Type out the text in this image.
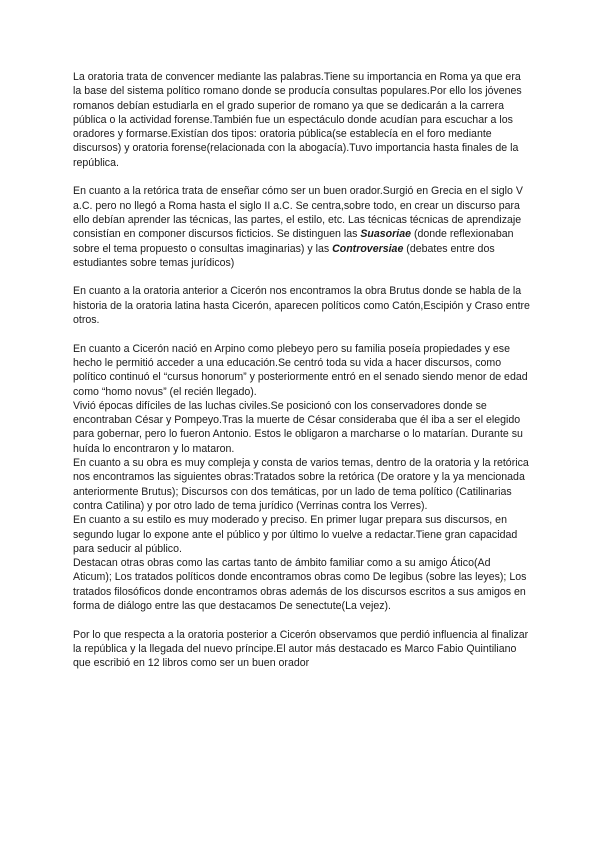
La oratoria trata de convencer mediante las palabras.Tiene su importancia en Roma ya que era la base del sistema político romano donde se producía consultas populares.Por ello los jóvenes romanos debían estudiarla en el grado superior de romano ya que se dedicarán a la carrera pública o la actividad forense.También fue un espectáculo donde acudían para escuchar a los oradores y formarse.Existían dos tipos: oratoria pública(se establecía en el foro mediante discursos) y oratoria forense(relacionada con la abogacía).Tuvo importancia hasta finales de la república.

En cuanto a la retórica trata de enseñar cómo ser un buen orador.Surgió en Grecia en el siglo V a.C. pero no llegó a Roma hasta el siglo II a.C. Se centra,sobre todo, en crear un discurso para ello debían aprender las técnicas, las partes, el estilo, etc. Las técnicas técnicas de aprendizaje consistían en componer discursos ficticios. Se distinguen las Suasoriae (donde reflexionaban sobre el tema propuesto o consultas imaginarias) y las Controversiae (debates entre dos estudiantes sobre temas jurídicos)

En cuanto a la oratoria anterior a Cicerón nos encontramos la obra Brutus donde se habla de la historia de la oratoria latina hasta Cicerón, aparecen políticos como Catón,Escipión y Craso entre otros.

En cuanto a Cicerón nació en Arpino como plebeyo pero su familia poseía propiedades y ese hecho le permitió acceder a una educación.Se centró toda su vida a hacer discursos, como político continuó el “cursus honorum” y posteriormente entró en el senado siendo menor de edad como “homo novus” (el recién llegado).

Vivió épocas difíciles de las luchas civiles.Se posicionó con los conservadores donde se encontraban César y Pompeyo.Tras la muerte de César consideraba que él iba a ser el elegido para gobernar, pero lo fueron Antonio. Estos le obligaron a marcharse o lo matarían. Durante su huída lo encontraron y lo mataron.

En cuanto a su obra es muy compleja y consta de varios temas, dentro de la oratoria y la retórica nos encontramos las siguientes obras:Tratados sobre la retórica (De oratore y la ya mencionada anteriormente Brutus); Discursos con dos temáticas, por un lado de tema político (Catilinarias contra Catilina) y por otro lado de tema jurídico (Verrinas contra los Verres).

En cuanto a su estilo es muy moderado y preciso. En primer lugar prepara sus discursos, en segundo lugar lo expone ante el público y por último lo vuelve a redactar.Tiene gran capacidad para seducir al público.

Destacan otras obras como las cartas tanto de ámbito familiar como a su amigo Ático(Ad Aticum); Los tratados políticos donde encontramos obras como De legibus (sobre las leyes); Los tratados filosóficos donde encontramos obras además de los discursos escritos a sus amigos en forma de diálogo entre las que destacamos De senectute(La vejez).

Por lo que respecta a la oratoria posterior a Cicerón observamos que perdió influencia al finalizar la república y la llegada del nuevo príncipe.El autor más destacado es Marco Fabio Quintiliano que escribió en 12 libros como ser un buen orador
